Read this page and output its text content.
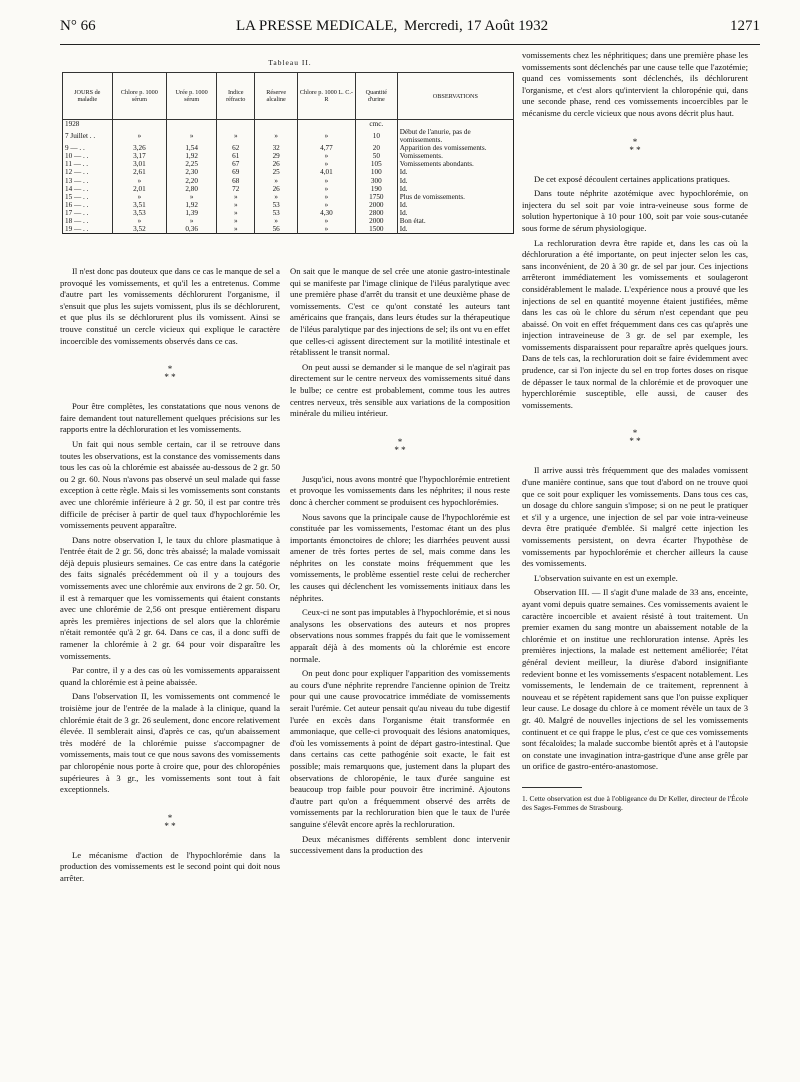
N° 66	LA PRESSE MEDICALE, Mercredi, 17 Août 1932	1271
Tableau II.
JOURS de maladie	Chlore p. 1000 sérum	Urée p. 1000 sérum	Indice réfracto	Réserve alcaline	Chlore p. 1000 L. C.-R	Quantité d'urine	OBSERVATIONS
1928						cmc.	
7 Juillet . .	»	»	»	»	»	10	Début de l'anurie, pas de vomissements.
9 — . .	3,26	1,54	62	32	4,77	20	Apparition des vomissements.
10 — . .	3,17	1,92	61	29	»	50	Vomissements.
11 — . .	3,01	2,25	67	26	»	105	Vomissements abondants.
12 — . .	2,61	2,30	69	25	4,01	100	Id.
13 — . .	»	2,20	68	»	»	300	Id.
14 — . .	2,01	2,80	72	26	»	190	Id.
15 — . .	»	»	»	»	»	1750	Plus de vomissements.
16 — . .	3,51	1,92	»	53	»	2000	Id.
17 — . .	3,53	1,39	»	53	4,30	2800	Id.
18 — . .	»	»	»	»	»	2000	Bon état.
19 — . .	3,52	0,36	»	56	»	1500	Id.

Il n'est donc pas douteux que dans ce cas le manque de sel a provoqué les vomissements, et qu'il les a entretenus. Comme d'autre part les vomissements déchlorurent l'organisme, il s'ensuit que plus les sujets vomissent, plus ils se déchlorurent, et que plus ils se déchlorurent plus ils vomissent. Ainsi se trouve constitué un cercle vicieux qui explique le caractère incoercible des vomissements observés dans ce cas.

*
* *

Pour être complètes, les constatations que nous venons de faire demandent tout naturellement quelques précisions sur les rapports entre la déchloruration et les vomissements.

Un fait qui nous semble certain, car il se retrouve dans toutes les observations, est la constance des vomissements dans tous les cas où la chlorémie est abaissée au-dessous de 2 gr. 50 ou 2 gr. 60. Nous n'avons pas observé un seul malade qui fasse exception à cette règle. Mais si les vomissements sont constants avec une chlorémie inférieure à 2 gr. 50, il est par contre très difficile de préciser à partir de quel taux d'hypochlorémie les vomissements peuvent apparaître.

Dans notre observation I, le taux du chlore plasmatique à l'entrée était de 2 gr. 56, donc très abaissé; la malade vomissait déjà depuis plusieurs semaines. Ce cas entre dans la catégorie des faits signalés précédemment où il y a toujours des vomissements avec une chlorémie aux environs de 2 gr. 50. Or, il est à remarquer que les vomissements qui étaient constants avec une chlorémie de 2,56 ont presque entièrement disparu après les premières injections de sel alors que la chlorémie n'était remontée qu'à 2 gr. 64. Dans ce cas, il a donc suffi de ramener la chlorémie à 2 gr. 64 pour voir disparaître les vomissements.

Par contre, il y a des cas où les vomissements apparaissent quand la chlorémie est à peine abaissée.

Dans l'observation II, les vomissements ont commencé le troisième jour de l'entrée de la malade à la clinique, quand la chlorémie était de 3 gr. 26 seulement, donc encore relativement élevée. Il semblerait ainsi, d'après ce cas, qu'un abaissement très modéré de la chlorémie puisse s'accompagner de vomissements, mais tout ce que nous savons des vomissements par chloropénie nous porte à croire que, pour des chloropénies supérieures à 3 gr., les vomissements sont tout à fait exceptionnels.

*
* *

Le mécanisme d'action de l'hypochlorémie dans la production des vomissements est le second point qui doit nous arrêter.

On sait que le manque de sel crée une atonie gastro-intestinale qui se manifeste par l'image clinique de l'iléus paralytique avec une première phase d'arrêt du transit et une deuxième phase de vomissements. C'est ce qu'ont constaté les auteurs tant américains que français, dans leurs études sur la thérapeutique de l'iléus paralytique par des injections de sel; ils ont vu en effet que celles-ci agissent directement sur la motilité intestinale et rétablissent le transit normal.

On peut aussi se demander si le manque de sel n'agirait pas directement sur le centre nerveux des vomissements situé dans le bulbe; ce centre est probablement, comme tous les autres centres nerveux, très sensible aux variations de la composition minérale du milieu intérieur.

*
* *

Jusqu'ici, nous avons montré que l'hypochlorémie entretient et provoque les vomissements dans les néphrites; il nous reste donc à chercher comment se produisent ces hypochlorémies.

Nous savons que la principale cause de l'hypochlorémie est constituée par les vomissements, l'estomac étant un des plus importants émonctoires de chlore; les diarrhées peuvent aussi amener de très fortes pertes de sel, mais comme dans les néphrites on les constate moins fréquemment que les vomissements, le problème essentiel reste celui de rechercher les causes qui déclenchent les vomissements initiaux dans les néphrites.

Ceux-ci ne sont pas imputables à l'hypochlorémie, et si nous analysons les observations des auteurs et nos propres observations nous sommes frappés du fait que le vomissement apparaît déjà à des moments où la chlorémie est encore normale.

On peut donc pour expliquer l'apparition des vomissements au cours d'une néphrite reprendre l'ancienne opinion de Treitz pour qui une cause provocatrice immédiate de vomissements serait l'urémie. Cet auteur pensait qu'au niveau du tube digestif l'urée en excès dans l'organisme était transformée en ammoniaque, que celle-ci provoquait des lésions anatomiques, d'où les vomissements à point de départ gastro-intestinal. Que dans certains cas cette pathogénie soit exacte, le fait est possible; mais remarquons que, justement dans la plupart des observations de chloropénie, le taux d'urée sanguine est beaucoup trop faible pour pouvoir être incriminé. Ajoutons d'autre part qu'on a fréquemment observé des arrêts de vomissements par la rechloruration bien que le taux de l'urée sanguine s'élevât encore après la rechloruration.

Deux mécanismes différents semblent donc intervenir successivement dans la production des

vomissements chez les néphritiques; dans une première phase les vomissements sont déclenchés par une cause telle que l'azotémie; quand ces vomissements sont déclenchés, ils déchlorurent l'organisme, et c'est alors qu'intervient la chloropénie qui, dans une seconde phase, rend ces vomissements incoercibles par le mécanisme du cercle vicieux que nous avons décrit plus haut.

*
* *

De cet exposé découlent certaines applications pratiques.

Dans toute néphrite azotémique avec hypochlorémie, on injectera du sel soit par voie intra-veineuse sous forme de solution hypertonique à 10 pour 100, soit par voie sous-cutanée sous forme de sérum physiologique.

La rechloruration devra être rapide et, dans les cas où la déchloruration a été importante, on peut injecter selon les cas, sans inconvénient, de 20 à 30 gr. de sel par jour. Ces injections arrêteront immédiatement les vomissements et soulageront considérablement le malade. L'expérience nous a prouvé que les injections de sel en quantité moyenne étaient justifiées, même dans les cas où le chlore du sérum n'est cependant que peu abaissé. On voit en effet fréquemment dans ces cas qu'après une injection intraveineuse de 3 gr. de sel par exemple, les vomissements disparaissent pour reparaître après quelques jours. Dans de tels cas, la rechloruration doit se faire évidemment avec prudence, car si l'on injecte du sel en trop fortes doses on risque de dépasser le taux normal de la chlorémie et de provoquer une hyperchlorémie susceptible, elle aussi, de causer des vomissements.

*
* *

Il arrive aussi très fréquemment que des malades vomissent d'une manière continue, sans que tout d'abord on ne trouve quoi que ce soit pour expliquer les vomissements. Dans tous ces cas, un dosage du chlore sanguin s'impose; si on ne peut le pratiquer et s'il y a urgence, une injection de sel par voie intra-veineuse devra être pratiquée d'emblée. Si malgré cette injection les vomissements persistent, on devra écarter l'hypothèse de vomissements par hypochlorémie et chercher ailleurs la cause des vomissements.

L'observation suivante en est un exemple.

Observation III. — Il s'agit d'une malade de 33 ans, enceinte, ayant vomi depuis quatre semaines. Ces vomissements avaient le caractère incoercible et avaient résisté à tout traitement. Un premier examen du sang montre un abaissement notable de la chlorémie et on institue une rechloruration intense. Après les premières injections, la malade est nettement améliorée; l'état général devient meilleur, la diurèse d'abord insignifiante redevient bonne et les vomissements s'espacent notablement. Les vomissements, le lendemain de ce traitement, reprennent à nouveau et se répètent rapidement sans que l'on puisse expliquer leur cause. Le dosage du chlore à ce moment révèle un taux de 3 gr. 40. Malgré de nouvelles injections de sel les vomissements continuent et ce qui frappe le plus, c'est ce que ces vomissements sont fécaloïdes; la malade succombe bientôt après et à l'autopsie on constate une invagination intra-gastrique d'une anse grêle par un orifice de gastro-entéro-anastomose.

1. Cette observation est due à l'obligeance du Dr Keller, directeur de l'École des Sages-Femmes de Strasbourg.
